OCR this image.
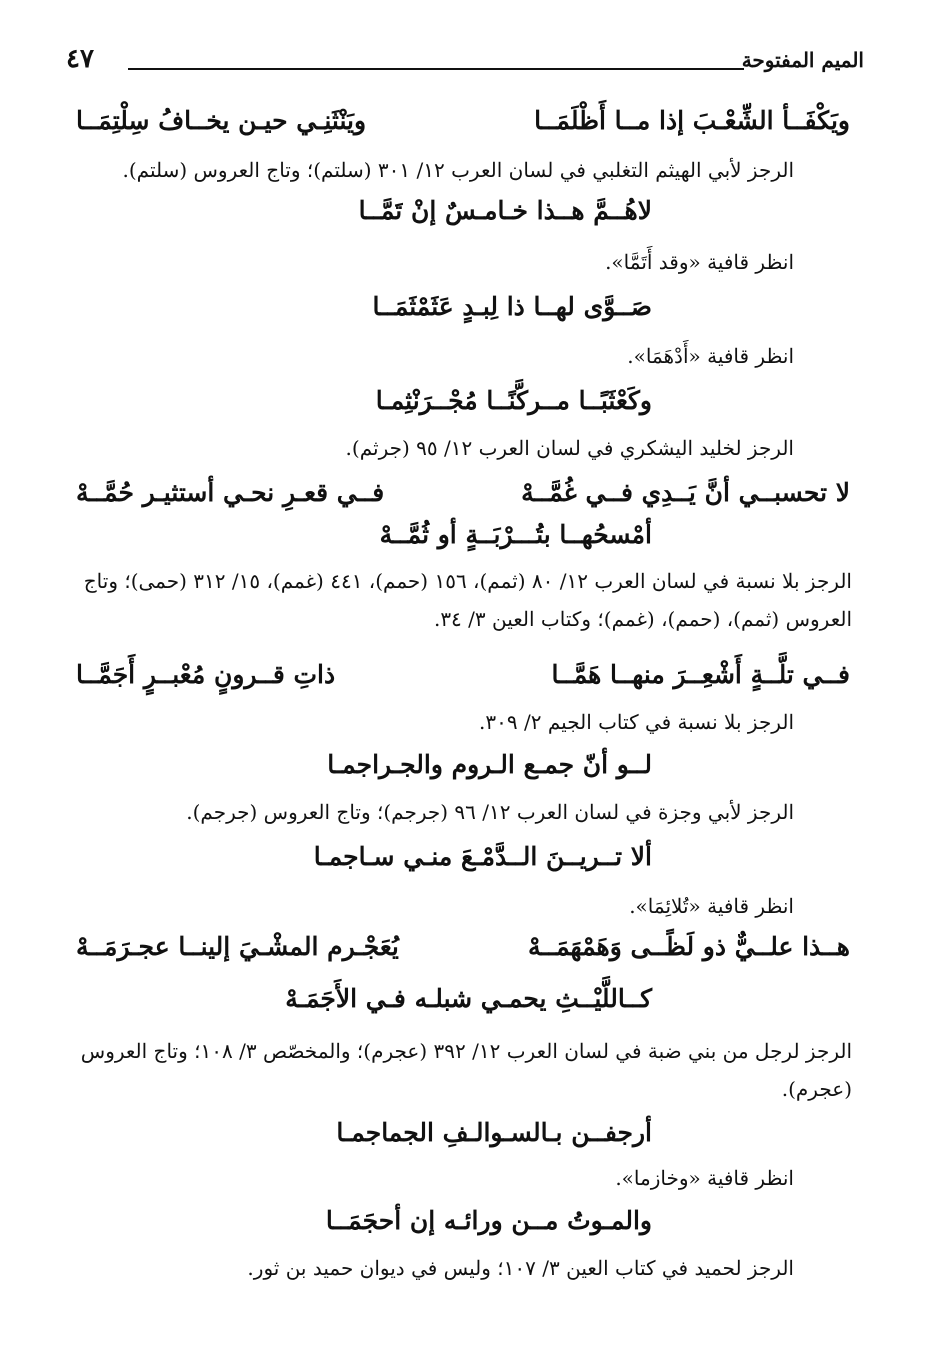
٤٧	الميم المفتوحة
ويَكْفَــأ الشِّعْـبَ إذا مــا أَظْلَمَــا
ويَنْثَنِـي حيـن يخــافُ سِلْتِمَــا

الرجز لأبي الهيثم التغلبي في لسان العرب ١٢/ ٣٠١ (سلتم)؛ وتاج العروس (سلتم).

لاهُــمَّ هــذا خـامـسٌ إنْ تَمَّــا

انظر قافية «وقد أَتَمَّا».

صَــوَّى لهــا ذا لِبـدٍ عَثَمْثَمَــا

انظر قافية «أَدْهَمَا».

وكَعْثَبًــا مــركَّنًــا مُجْــرَنْثِمـا

الرجز لخليد اليشكري في لسان العرب ١٢/ ٩٥ (جرثم).

لا تحسبــي أنَّ يَــدِي فــي غُمَّــهْ
فــي قعـرِ نحـي أستثيـر حُمَّــهْ

أمْسحُهــا بتُـــرْبَــةٍ أو ثُمَّــهْ

الرجز بلا نسبة في لسان العرب ١٢/ ٨٠ (ثمم)، ١٥٦ (حمم)، ٤٤١ (غمم)، ١٥/ ٣١٢ (حمى)؛ وتاج العروس (ثمم)، (حمم)، (غمم)؛ وكتاب العين ٣/ ٣٤.

فــي تلَّــةٍ أَشْعِــرَ منهــا هَمَّــا
ذاتِ قــرونٍ مُعْبــرٍ أَجَمَّــا

الرجز بلا نسبة في كتاب الجيم ٢/ ٣٠٩.

لــو أنّ جمـع الـروم والجـراجمـا

الرجز لأبي وجزة في لسان العرب ١٢/ ٩٦ (جرجم)؛ وتاج العروس (جرجم).

ألا تــريــنَ الــدَّمْـعَ منـي سـاجمـا

انظر قافية «تُلائِمَا».

هــذا علــيٌّ ذو لَظًــى وَهَمْهَمَــهْ
يُعَجْـرم المشْـيَ إلينــا عجـرَمَــهْ

كــاللَّيْــثِ يحمـي شبلـه فـي الأَجَمَـهْ

الرجز لرجل من بني ضبة في لسان العرب ١٢/ ٣٩٢ (عجرم)؛ والمخصّص ٣/ ١٠٨؛ وتاج العروس (عجرم).

أرجفــن بـالسـوالـفِ الجماجمـا

انظر قافية «وخازما».

والمـوتُ مــن ورائـه إن أحجَمَــا

الرجز لحميد في كتاب العين ٣/ ١٠٧؛ وليس في ديوان حميد بن ثور.
